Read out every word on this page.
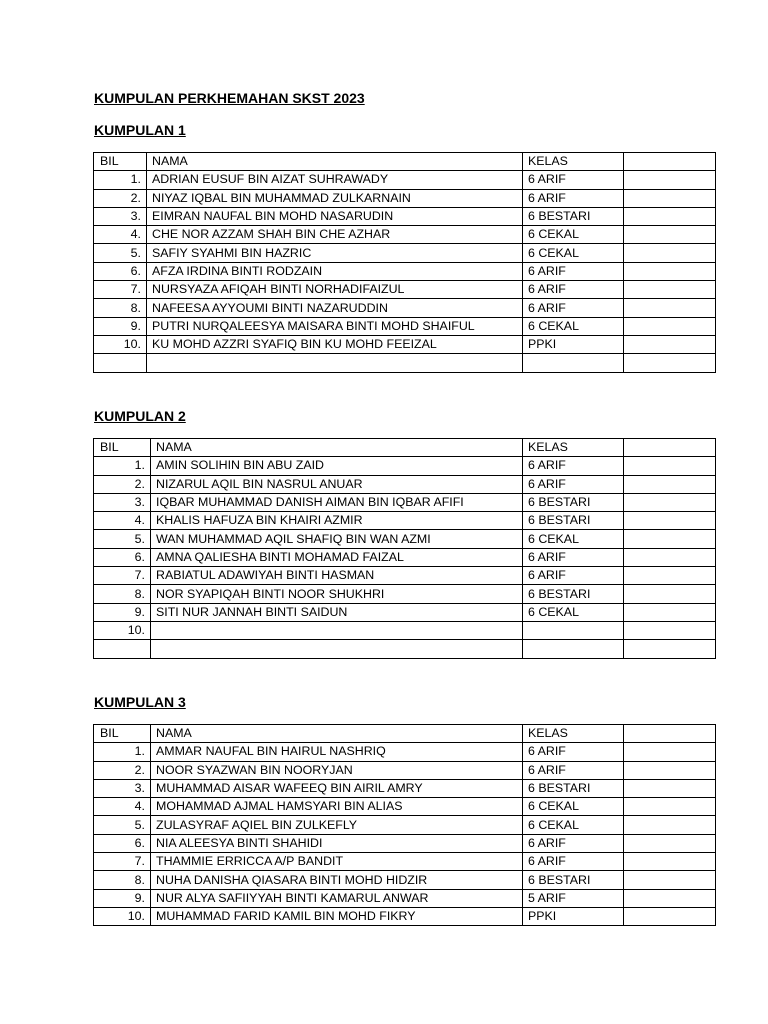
KUMPULAN PERKHEMAHAN SKST 2023
KUMPULAN 1
BIL	NAMA	KELAS	
1.	ADRIAN EUSUF BIN AIZAT SUHRAWADY	6 ARIF	
2.	NIYAZ IQBAL BIN MUHAMMAD ZULKARNAIN	6 ARIF	
3.	EIMRAN NAUFAL BIN MOHD NASARUDIN	6 BESTARI	
4.	CHE NOR AZZAM SHAH BIN CHE AZHAR	6 CEKAL	
5.	SAFIY SYAHMI BIN HAZRIC	6 CEKAL	
6.	AFZA IRDINA BINTI RODZAIN	6 ARIF	
7.	NURSYAZA AFIQAH BINTI NORHADIFAIZUL	6 ARIF	
8.	NAFEESA AYYOUMI BINTI NAZARUDDIN	6 ARIF	
9.	PUTRI NURQALEESYA MAISARA BINTI MOHD SHAIFUL	6 CEKAL	
10.	KU MOHD AZZRI SYAFIQ BIN KU MOHD FEEIZAL	PPKI	

KUMPULAN 2
BIL	NAMA	KELAS	
1.	AMIN SOLIHIN BIN ABU ZAID	6 ARIF	
2.	NIZARUL AQIL BIN NASRUL ANUAR	6 ARIF	
3.	IQBAR MUHAMMAD DANISH AIMAN BIN IQBAR AFIFI	6 BESTARI	
4.	KHALIS HAFUZA BIN KHAIRI AZMIR	6 BESTARI	
5.	WAN MUHAMMAD AQIL SHAFIQ BIN WAN AZMI	6 CEKAL	
6.	AMNA QALIESHA BINTI MOHAMAD FAIZAL	6 ARIF	
7.	RABIATUL ADAWIYAH BINTI HASMAN	6 ARIF	
8.	NOR SYAPIQAH BINTI NOOR SHUKHRI	6 BESTARI	
9.	SITI NUR JANNAH BINTI SAIDUN	6 CEKAL	
10.			

KUMPULAN 3
BIL	NAMA	KELAS	
1.	AMMAR NAUFAL BIN HAIRUL NASHRIQ	6 ARIF	
2.	NOOR SYAZWAN BIN NOORYJAN	6 ARIF	
3.	MUHAMMAD AISAR WAFEEQ BIN AIRIL AMRY	6 BESTARI	
4.	MOHAMMAD AJMAL HAMSYARI BIN ALIAS	6 CEKAL	
5.	ZULASYRAF AQIEL BIN ZULKEFLY	6 CEKAL	
6.	NIA ALEESYA BINTI SHAHIDI	6 ARIF	
7.	THAMMIE ERRICCA A/P BANDIT	6 ARIF	
8.	NUHA DANISHA QIASARA BINTI MOHD HIDZIR	6 BESTARI	
9.	NUR ALYA SAFIIYYAH BINTI KAMARUL ANWAR	5 ARIF	
10.	MUHAMMAD FARID KAMIL BIN MOHD FIKRY	PPKI	
